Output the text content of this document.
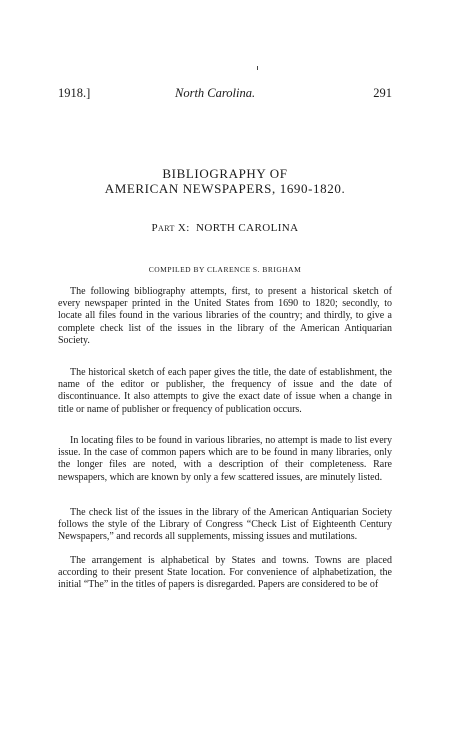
1918.]	North Carolina.	291
BIBLIOGRAPHY OF
AMERICAN NEWSPAPERS, 1690-1820.
Part X: NORTH CAROLINA
COMPILED BY CLARENCE S. BRIGHAM

The following bibliography attempts, first, to present a historical sketch of every newspaper printed in the United States from 1690 to 1820; secondly, to locate all files found in the various libraries of the country; and thirdly, to give a complete check list of the issues in the library of the American Antiquarian Society.

The historical sketch of each paper gives the title, the date of establishment, the name of the editor or publisher, the frequency of issue and the date of discontinuance. It also attempts to give the exact date of issue when a change in title or name of publisher or frequency of publication occurs.

In locating files to be found in various libraries, no attempt is made to list every issue. In the case of common papers which are to be found in many libraries, only the longer files are noted, with a description of their completeness. Rare newspapers, which are known by only a few scattered issues, are minutely listed.

The check list of the issues in the library of the American Antiquarian Society follows the style of the Library of Congress “Check List of Eighteenth Century Newspapers,” and records all supplements, missing issues and mutilations.

The arrangement is alphabetical by States and towns. Towns are placed according to their present State location. For convenience of alphabetization, the initial “The” in the titles of papers is disregarded. Papers are considered to be of
